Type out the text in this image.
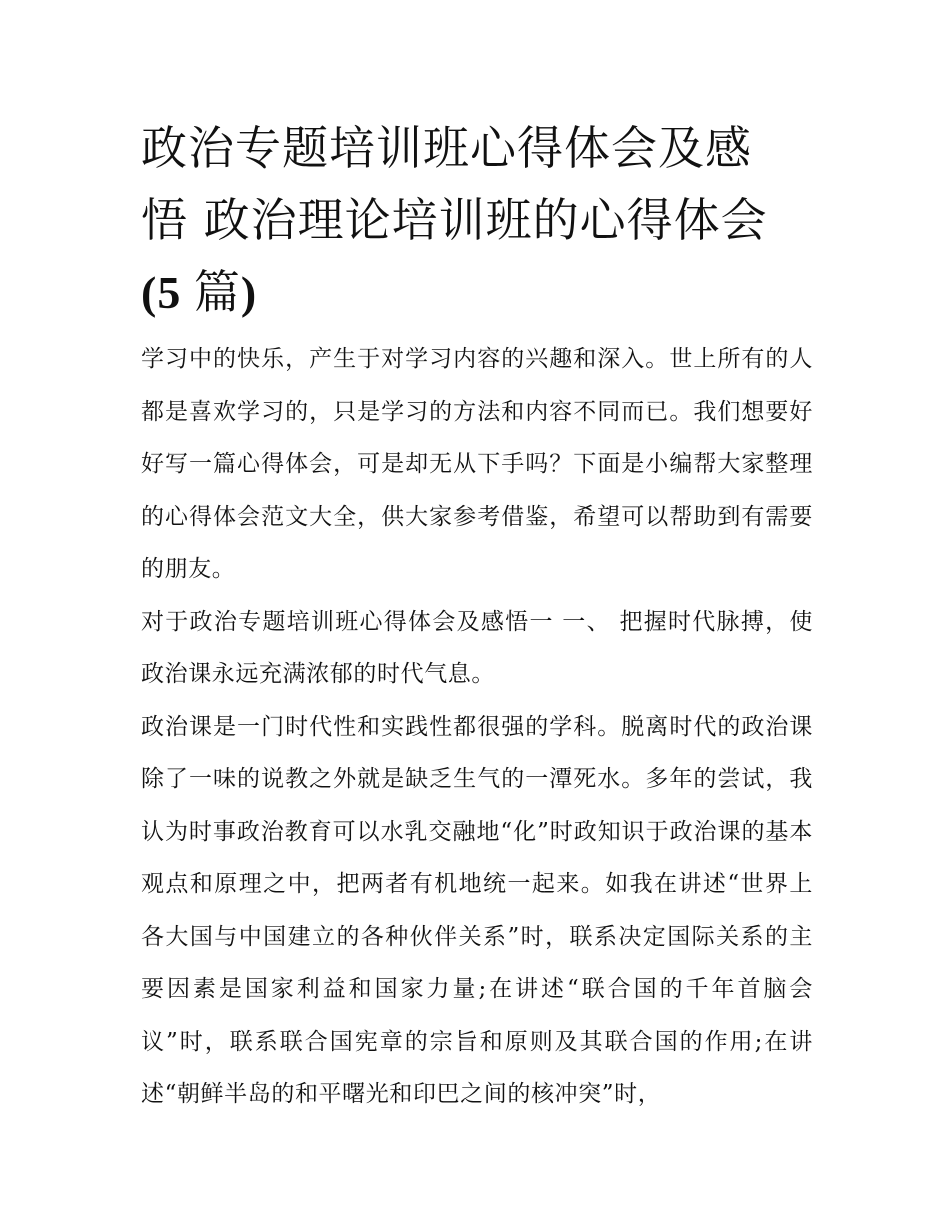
政治专题培训班心得体会及感
悟 政治理论培训班的心得体会
(5 篇)

学习中的快乐，产生于对学习内容的兴趣和深入。世上所有的人都是喜欢学习的，只是学习的方法和内容不同而已。我们想要好好写一篇心得体会，可是却无从下手吗？下面是小编帮大家整理的心得体会范文大全，供大家参考借鉴，希望可以帮助到有需要的朋友。

对于政治专题培训班心得体会及感悟一 一、 把握时代脉搏，使政治课永远充满浓郁的时代气息。

政治课是一门时代性和实践性都很强的学科。脱离时代的政治课除了一味的说教之外就是缺乏生气的一潭死水。多年的尝试，我认为时事政治教育可以水乳交融地“化”时政知识于政治课的基本观点和原理之中，把两者有机地统一起来。如我在讲述“世界上各大国与中国建立的各种伙伴关系”时，联系决定国际关系的主要因素是国家利益和国家力量;在讲述“联合国的千年首脑会议”时，联系联合国宪章的宗旨和原则及其联合国的作用;在讲述“朝鲜半岛的和平曙光和印巴之间的核冲突”时，
